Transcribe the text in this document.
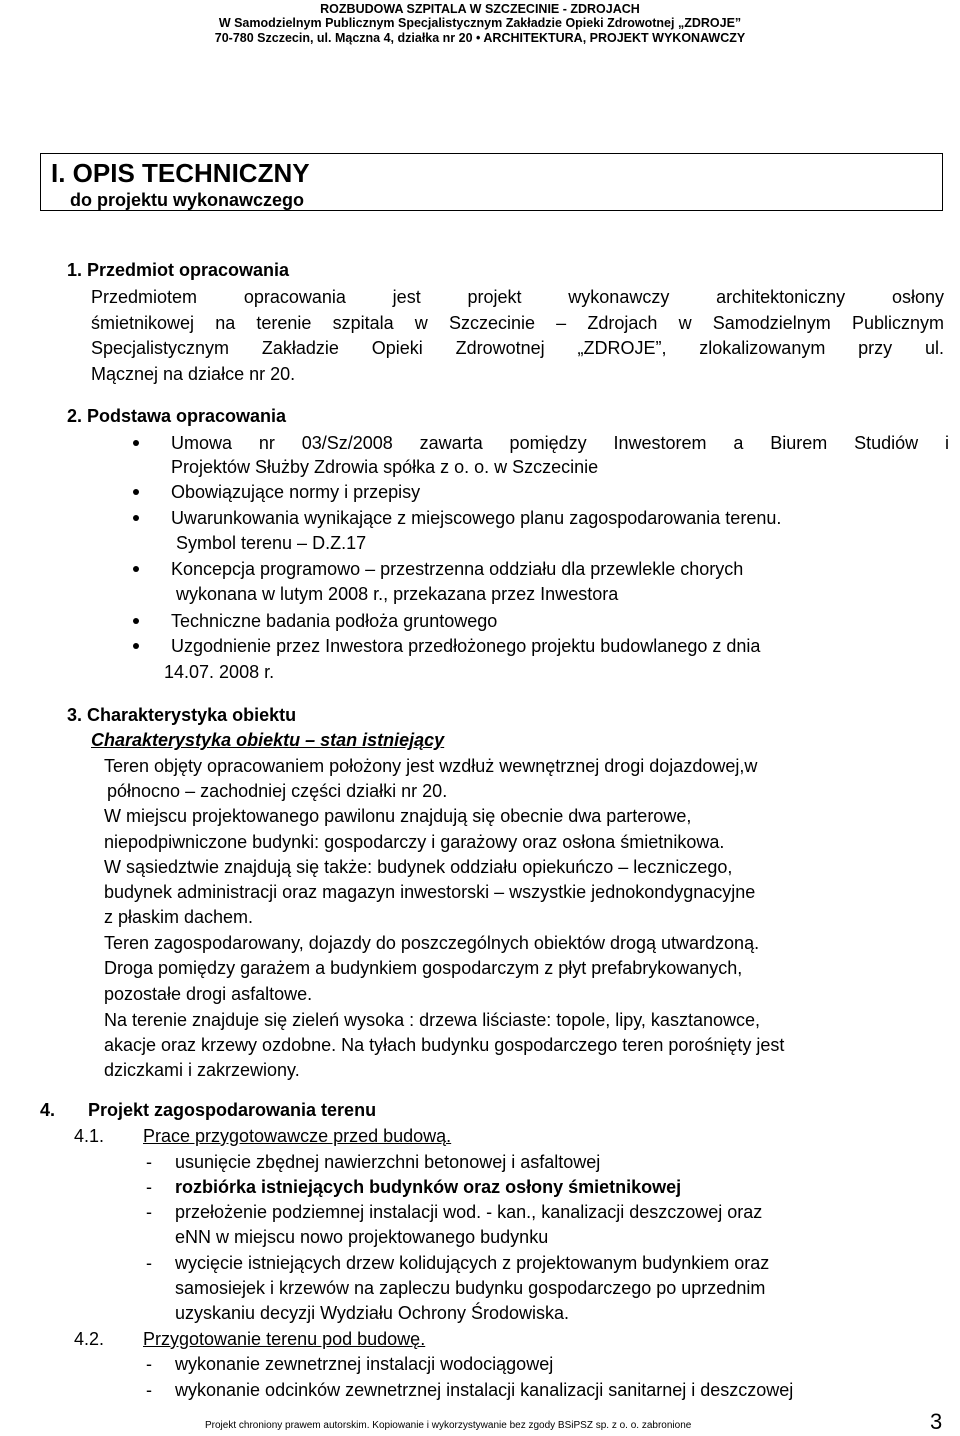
ROZBUDOWA SZPITALA W SZCZECINIE - ZDROJACH
W Samodzielnym Publicznym Specjalistycznym Zakładzie Opieki Zdrowotnej „ZDROJE”
70-780 Szczecin, ul. Mączna 4, działka nr 20 • ARCHITEKTURA, PROJEKT WYKONAWCZY
I. OPIS TECHNICZNY
do projektu wykonawczego
1. Przedmiot opracowania
Przedmiotem opracowania jest projekt wykonawczy architektoniczny osłony
śmietnikowej na terenie szpitala w Szczecinie – Zdrojach w Samodzielnym Publicznym
Specjalistycznym Zakładzie Opieki Zdrowotnej „ZDROJE”, zlokalizowanym przy ul.
Mącznej na działce nr 20.
2. Podstawa opracowania
Umowa nr 03/Sz/2008 zawarta pomiędzy Inwestorem a Biurem Studiów i
Projektów Służby Zdrowia spółka z o. o. w Szczecinie
Obowiązujące normy i przepisy
Uwarunkowania wynikające z miejscowego planu zagospodarowania terenu.
Symbol terenu – D.Z.17
Koncepcja programowo – przestrzenna oddziału dla przewlekle chorych
wykonana w lutym 2008 r., przekazana przez Inwestora
Techniczne badania podłoża gruntowego
Uzgodnienie przez Inwestora przedłożonego projektu budowlanego z dnia
14.07. 2008 r.
3. Charakterystyka obiektu
Charakterystyka obiektu – stan istniejący
Teren objęty opracowaniem położony jest wzdłuż wewnętrznej drogi dojazdowej,w
północno – zachodniej części działki nr 20.
W miejscu projektowanego pawilonu znajdują się obecnie dwa parterowe,
niepodpiwniczone budynki: gospodarczy i garażowy oraz osłona śmietnikowa.
W sąsiedztwie znajdują się także: budynek oddziału opiekuńczo – leczniczego,
budynek administracji oraz magazyn inwestorski – wszystkie jednokondygnacyjne
z płaskim dachem.
Teren zagospodarowany, dojazdy do poszczególnych obiektów drogą utwardzoną.
Droga pomiędzy garażem a budynkiem gospodarczym z płyt prefabrykowanych,
pozostałe drogi asfaltowe.
Na terenie znajduje się zieleń wysoka : drzewa liściaste: topole, lipy, kasztanowce,
akacje oraz krzewy ozdobne. Na tyłach budynku gospodarczego teren porośnięty jest
dziczkami i zakrzewiony.
4. Projekt zagospodarowania terenu
4.1. Prace przygotowawcze przed budową.
- usunięcie zbędnej nawierzchni betonowej i asfaltowej
- rozbiórka istniejących budynków oraz osłony śmietnikowej
- przełożenie podziemnej instalacji wod. - kan., kanalizacji deszczowej oraz
eNN w miejscu nowo projektowanego budynku
- wycięcie istniejących drzew kolidujących z projektowanym budynkiem oraz
samosiejek i krzewów na zapleczu budynku gospodarczego po uprzednim
uzyskaniu decyzji Wydziału Ochrony Środowiska.
4.2. Przygotowanie terenu pod budowę.
- wykonanie zewnetrznej instalacji wodociągowej
- wykonanie odcinków zewnetrznej instalacji kanalizacji sanitarnej i deszczowej
Projekt chroniony prawem autorskim. Kopiowanie i wykorzystywanie bez zgody BSiPSZ sp. z o. o. zabronione	3
